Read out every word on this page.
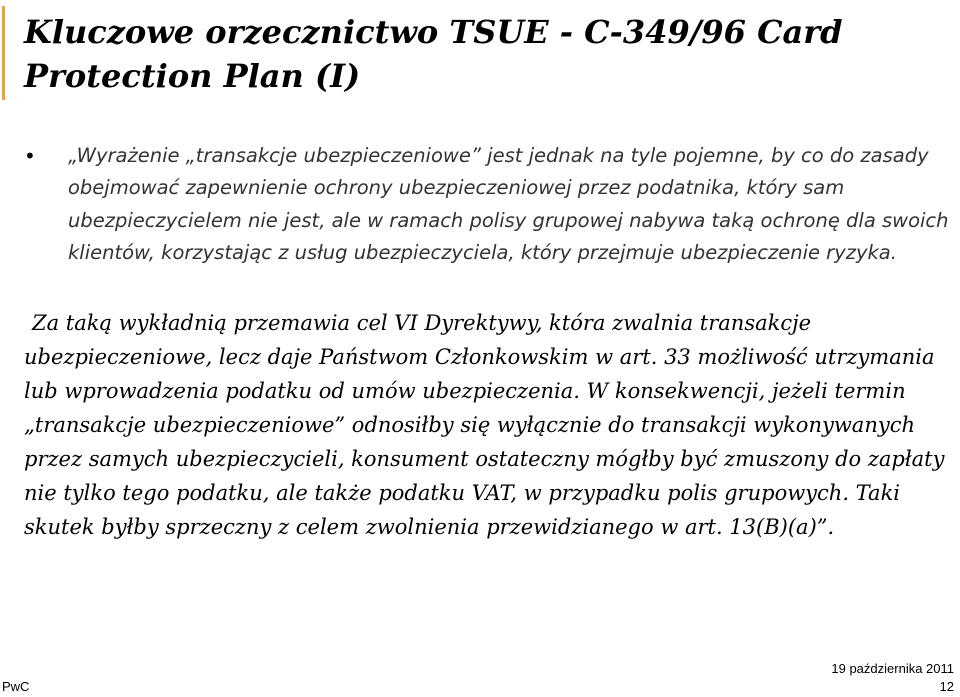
Kluczowe orzecznictwo TSUE - C-349/96 Card Protection Plan (I)
•	„Wyrażenie „transakcje ubezpieczeniowe” jest jednak na tyle pojemne, by co do zasady obejmować zapewnienie ochrony ubezpieczeniowej przez podatnika, który sam ubezpieczycielem nie jest, ale w ramach polisy grupowej nabywa taką ochronę dla swoich klientów, korzystając z usług ubezpieczyciela, który przejmuje ubezpieczenie ryzyka.

Za taką wykładnią przemawia cel VI Dyrektywy, która zwalnia transakcje ubezpieczeniowe, lecz daje Państwom Członkowskim w art. 33 możliwość utrzymania lub wprowadzenia podatku od umów ubezpieczenia. W konsekwencji, jeżeli termin „transakcje ubezpieczeniowe” odnosiłby się wyłącznie do transakcji wykonywanych przez samych ubezpieczycieli, konsument ostateczny mógłby być zmuszony do zapłaty nie tylko tego podatku, ale także podatku VAT, w przypadku polis grupowych. Taki skutek byłby sprzeczny z celem zwolnienia przewidzianego w art. 13(B)(a)”.

PwC
19 października 2011
12
